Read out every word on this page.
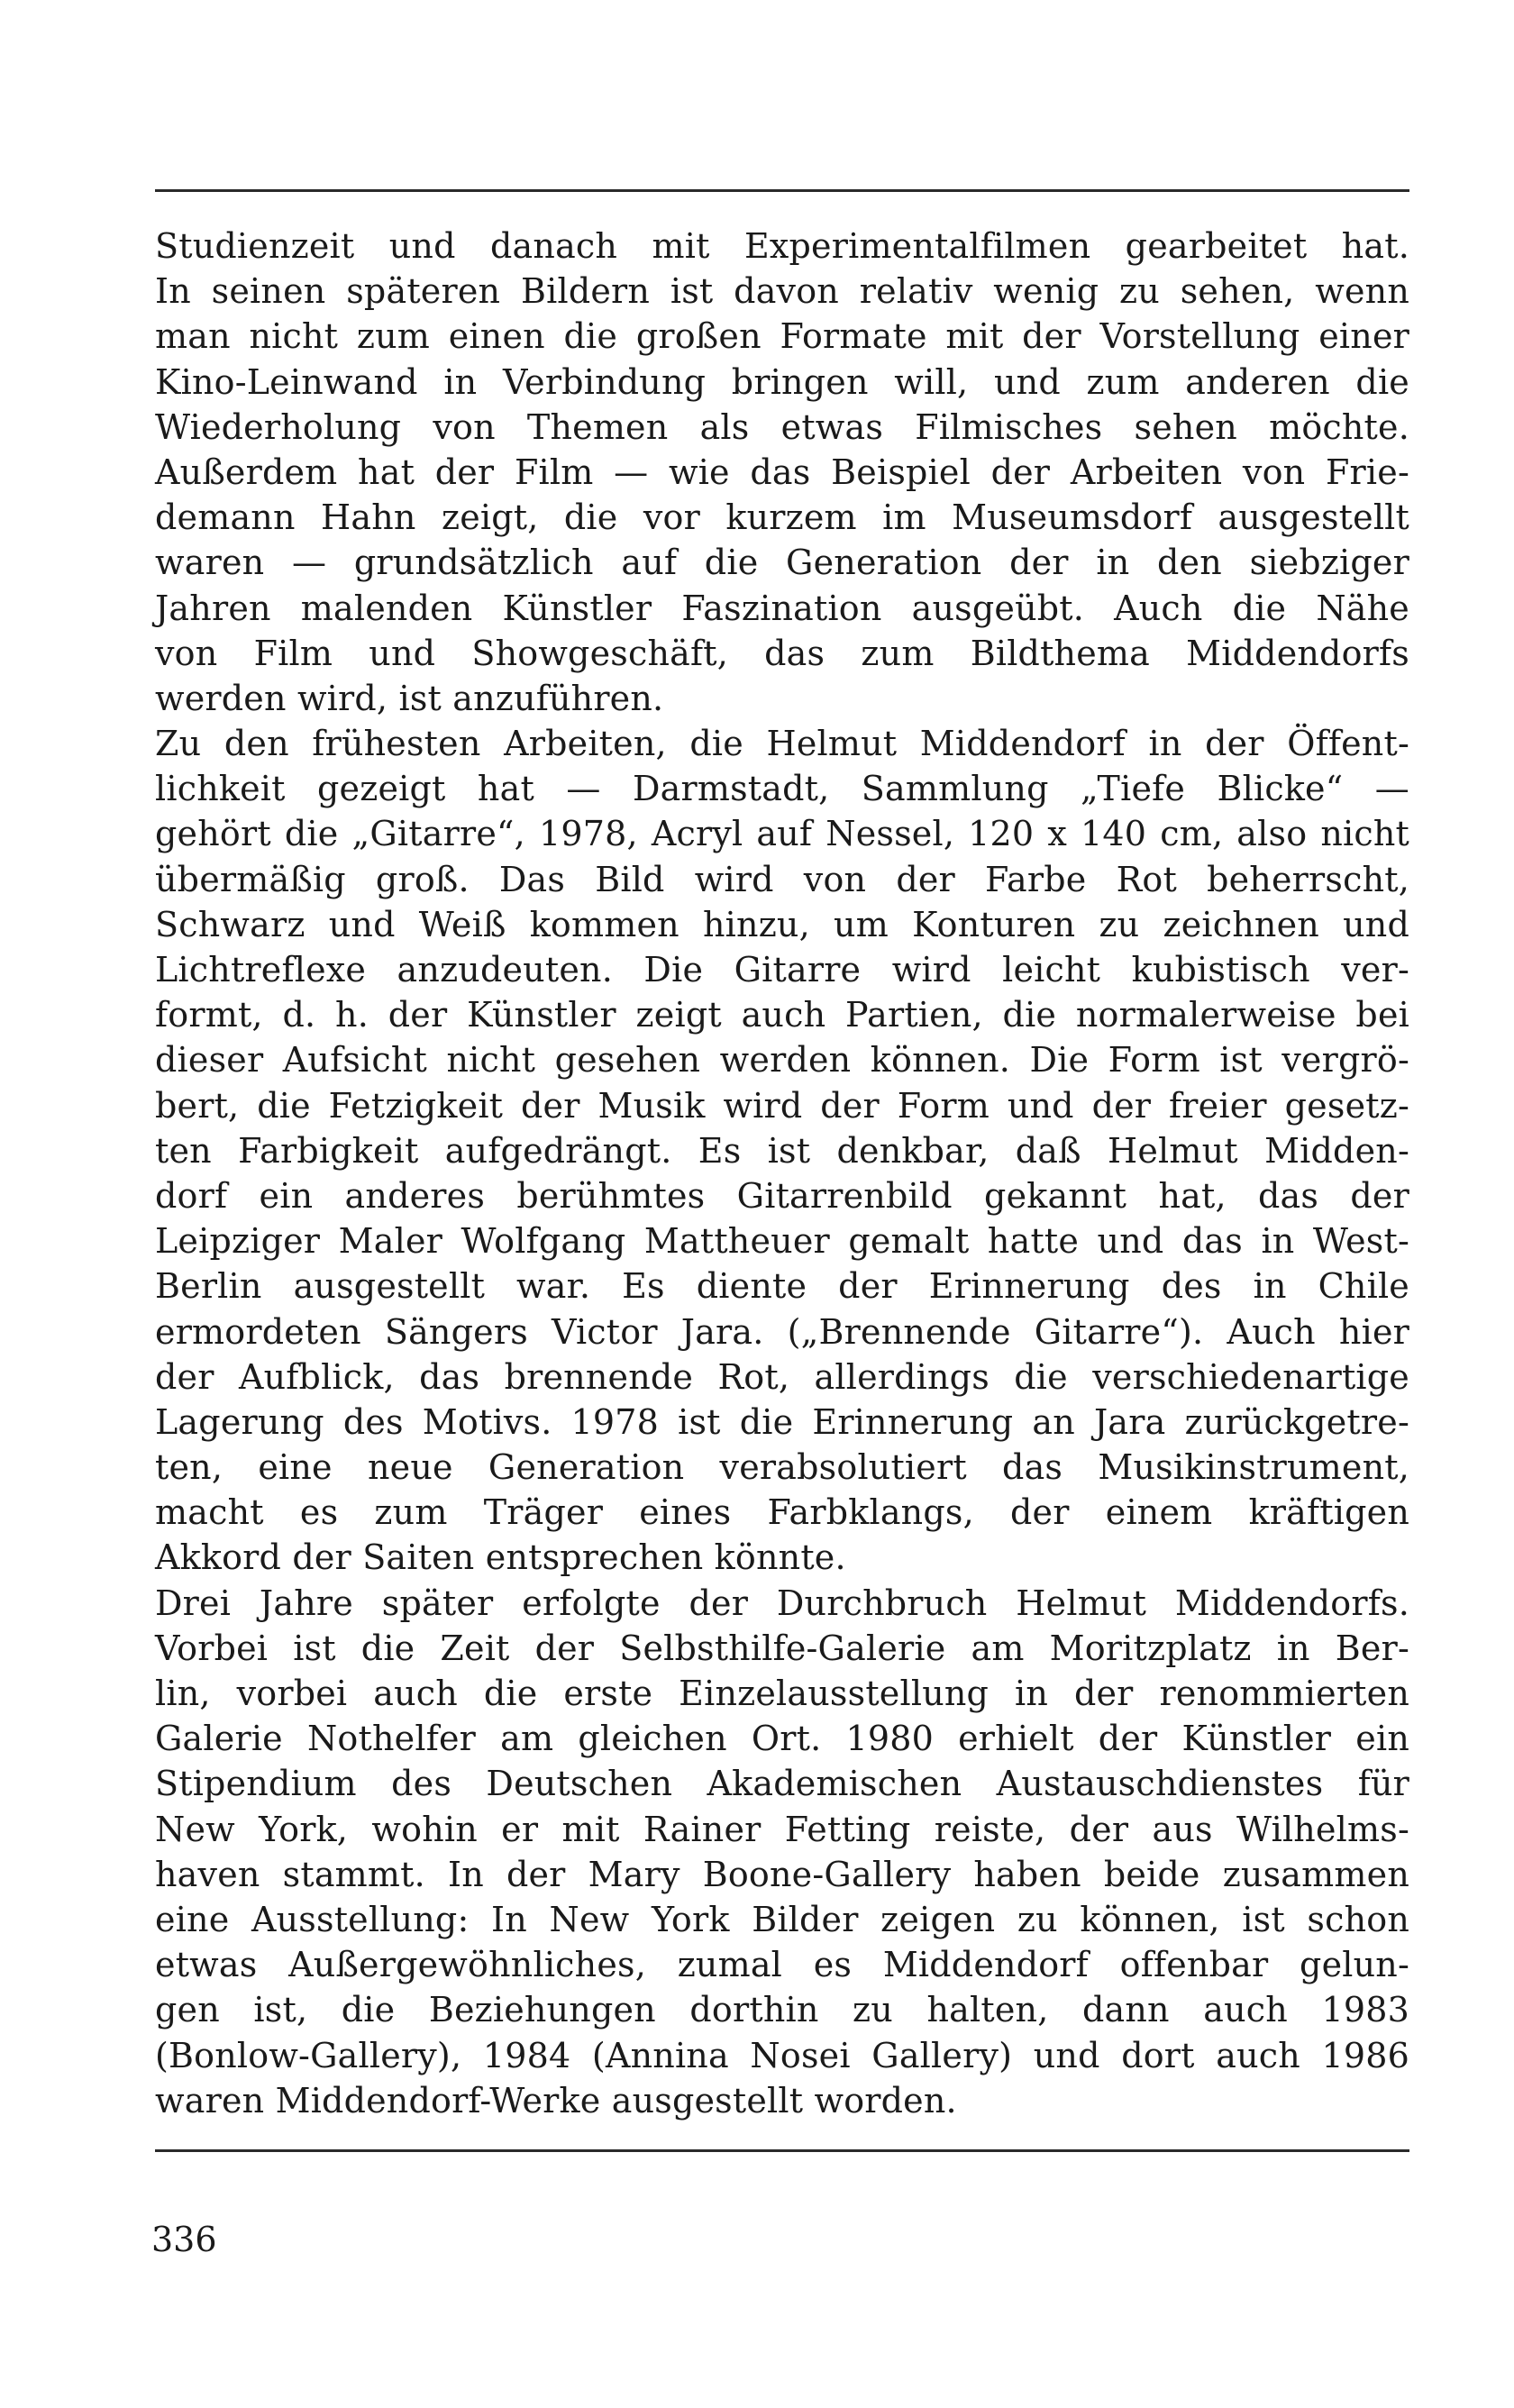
Studienzeit und danach mit Experimentalfilmen gearbeitet hat.
In seinen späteren Bildern ist davon relativ wenig zu sehen, wenn
man nicht zum einen die großen Formate mit der Vorstellung einer
Kino-Leinwand in Verbindung bringen will, und zum anderen die
Wiederholung von Themen als etwas Filmisches sehen möchte.
Außerdem hat der Film — wie das Beispiel der Arbeiten von Frie-
demann Hahn zeigt, die vor kurzem im Museumsdorf ausgestellt
waren — grundsätzlich auf die Generation der in den siebziger
Jahren malenden Künstler Faszination ausgeübt. Auch die Nähe
von Film und Showgeschäft, das zum Bildthema Middendorfs
werden wird, ist anzuführen.
Zu den frühesten Arbeiten, die Helmut Middendorf in der Öffent-
lichkeit gezeigt hat — Darmstadt, Sammlung „Tiefe Blicke“ —
gehört die „Gitarre“, 1978, Acryl auf Nessel, 120 x 140 cm, also nicht
übermäßig groß. Das Bild wird von der Farbe Rot beherrscht,
Schwarz und Weiß kommen hinzu, um Konturen zu zeichnen und
Lichtreflexe anzudeuten. Die Gitarre wird leicht kubistisch ver-
formt, d. h. der Künstler zeigt auch Partien, die normalerweise bei
dieser Aufsicht nicht gesehen werden können. Die Form ist vergrö-
bert, die Fetzigkeit der Musik wird der Form und der freier gesetz-
ten Farbigkeit aufgedrängt. Es ist denkbar, daß Helmut Midden-
dorf ein anderes berühmtes Gitarrenbild gekannt hat, das der
Leipziger Maler Wolfgang Mattheuer gemalt hatte und das in West-
Berlin ausgestellt war. Es diente der Erinnerung des in Chile
ermordeten Sängers Victor Jara. („Brennende Gitarre“). Auch hier
der Aufblick, das brennende Rot, allerdings die verschiedenartige
Lagerung des Motivs. 1978 ist die Erinnerung an Jara zurückgetre-
ten, eine neue Generation verabsolutiert das Musikinstrument,
macht es zum Träger eines Farbklangs, der einem kräftigen
Akkord der Saiten entsprechen könnte.
Drei Jahre später erfolgte der Durchbruch Helmut Middendorfs.
Vorbei ist die Zeit der Selbsthilfe-Galerie am Moritzplatz in Ber-
lin, vorbei auch die erste Einzelausstellung in der renommierten
Galerie Nothelfer am gleichen Ort. 1980 erhielt der Künstler ein
Stipendium des Deutschen Akademischen Austauschdienstes für
New York, wohin er mit Rainer Fetting reiste, der aus Wilhelms-
haven stammt. In der Mary Boone-Gallery haben beide zusammen
eine Ausstellung: In New York Bilder zeigen zu können, ist schon
etwas Außergewöhnliches, zumal es Middendorf offenbar gelun-
gen ist, die Beziehungen dorthin zu halten, dann auch 1983
(Bonlow-Gallery), 1984 (Annina Nosei Gallery) und dort auch 1986
waren Middendorf-Werke ausgestellt worden.
336
